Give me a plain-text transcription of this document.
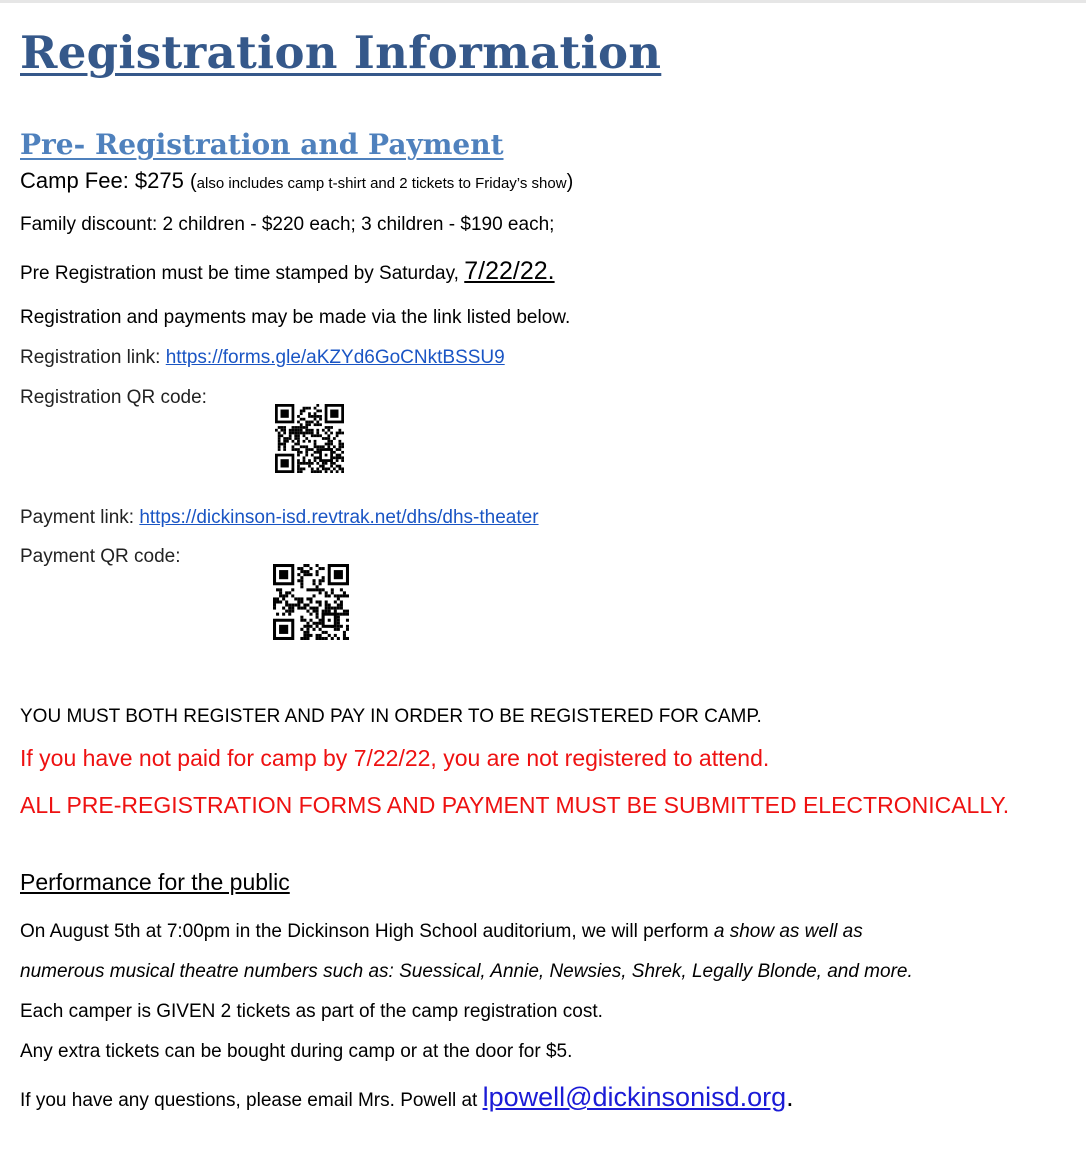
Registration Information
Pre- Registration and Payment
Camp Fee: $275 (also includes camp t-shirt and 2 tickets to Friday’s show)
Family discount: 2 children - $220 each; 3 children - $190 each;
Pre Registration must be time stamped by Saturday, 7/22/22.
Registration and payments may be made via the link listed below.
Registration link: https://forms.gle/aKZYd6GoCNktBSSU9
Registration QR code:
Payment link: https://dickinson-isd.revtrak.net/dhs/dhs-theater
Payment QR code:
YOU MUST BOTH REGISTER AND PAY IN ORDER TO BE REGISTERED FOR CAMP.
If you have not paid for camp by 7/22/22, you are not registered to attend.
ALL PRE-REGISTRATION FORMS AND PAYMENT MUST BE SUBMITTED ELECTRONICALLY.
Performance for the public
On August 5th at 7:00pm in the Dickinson High School auditorium, we will perform a show as well as
numerous musical theatre numbers such as: Suessical, Annie, Newsies, Shrek, Legally Blonde, and more.
Each camper is GIVEN 2 tickets as part of the camp registration cost.
Any extra tickets can be bought during camp or at the door for $5.
If you have any questions, please email Mrs. Powell at lpowell@dickinsonisd.org.
